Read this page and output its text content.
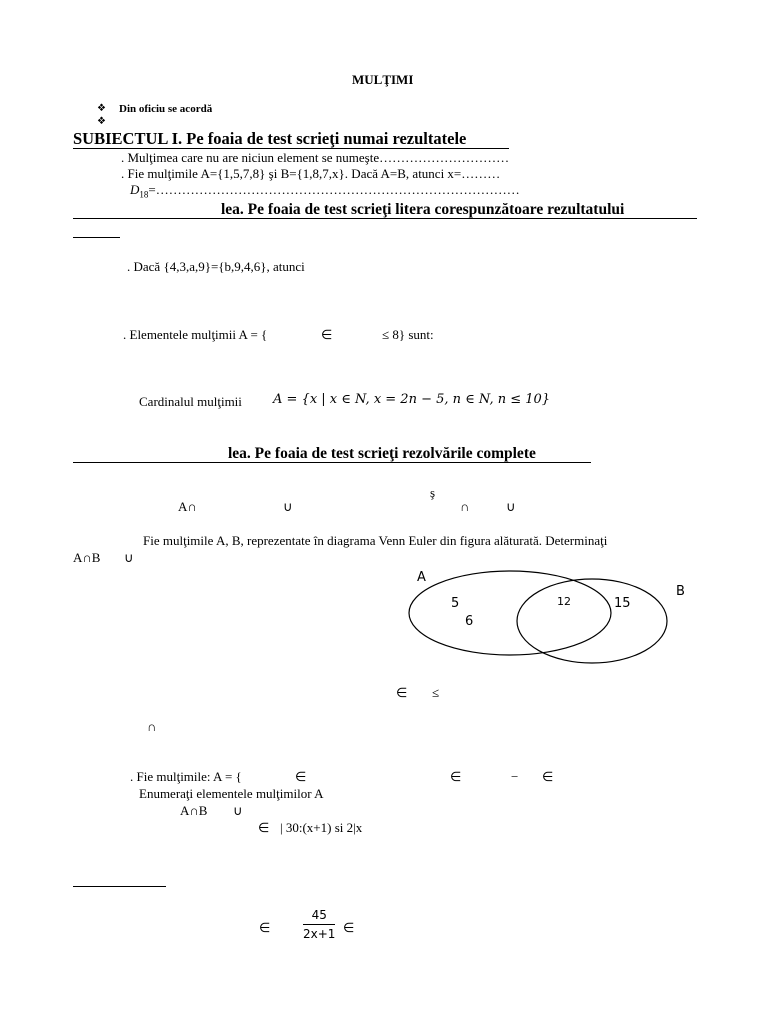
MULŢIMI
❖ Din oficiu se acordă
❖
SUBIECTUL I. Pe foaia de test scrieţi numai rezultatele
. Mulţimea care nu are niciun element se numeşte…………………………
. Fie mulţimile A={1,5,7,8} şi B={1,8,7,x}. Dacă A=B, atunci x=………
$D_{18}=\dots\dots\dots\dots\dots\dots\dots\dots\dots\dots\dots\dots\dots\dots\dots\dots\dots\dots\dots\dots\dots\dots\dots\dots\dots\dots\dots\dots$
lea. Pe foaia de test scrieţi litera corespunzătoare rezultatului
. Dacă {4,3,a,9}={b,9,4,6}, atunci
. Elementele mulţimii A = {	∈	≤ 8} sunt:
Cardinalul mulţimii A = {x | x ∈ N, x = 2n − 5, n ∈ N, n ≤ 10}
lea. Pe foaia de test scrieţi rezolvările complete
ş
A∩	∪	∩	∪
Fie mulţimile A, B, reprezentate în diagrama Venn Euler din figura alăturată. Determinaţi
A∩B ∪
A
B
5
6
12	15
∈ ≤
∩
. Fie mulţimile: A = {	∈	∈	− ∈
Enumeraţi elementele mulţimilor A
A∩B ∪
∈ | 30:(x+1) si 2|x
∈
45
2x+1 ∈
